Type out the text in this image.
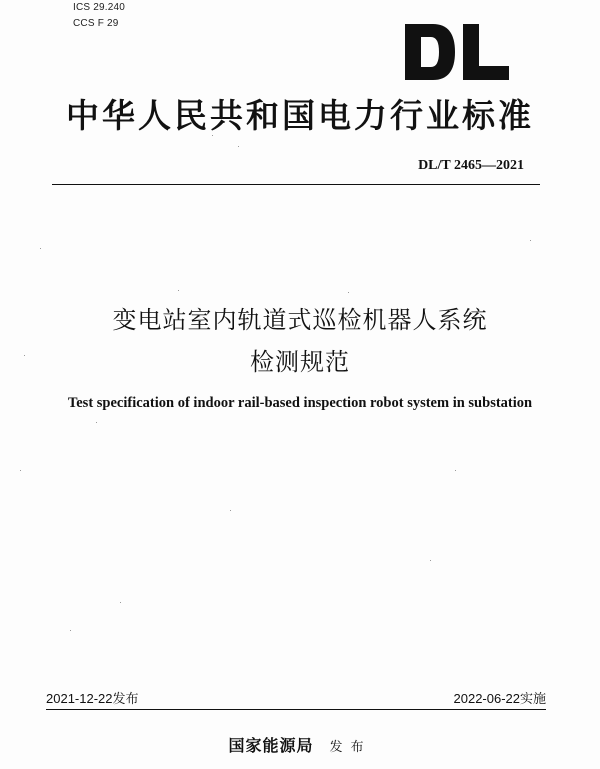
ICS 29.240
CCS F 29
中华人民共和国电力行业标准
DL/T 2465—2021
变电站室内轨道式巡检机器人系统
检测规范
Test specification of indoor rail-based inspection robot system in substation
2021-12-22发布	2022-06-22实施
国家能源局 发布
